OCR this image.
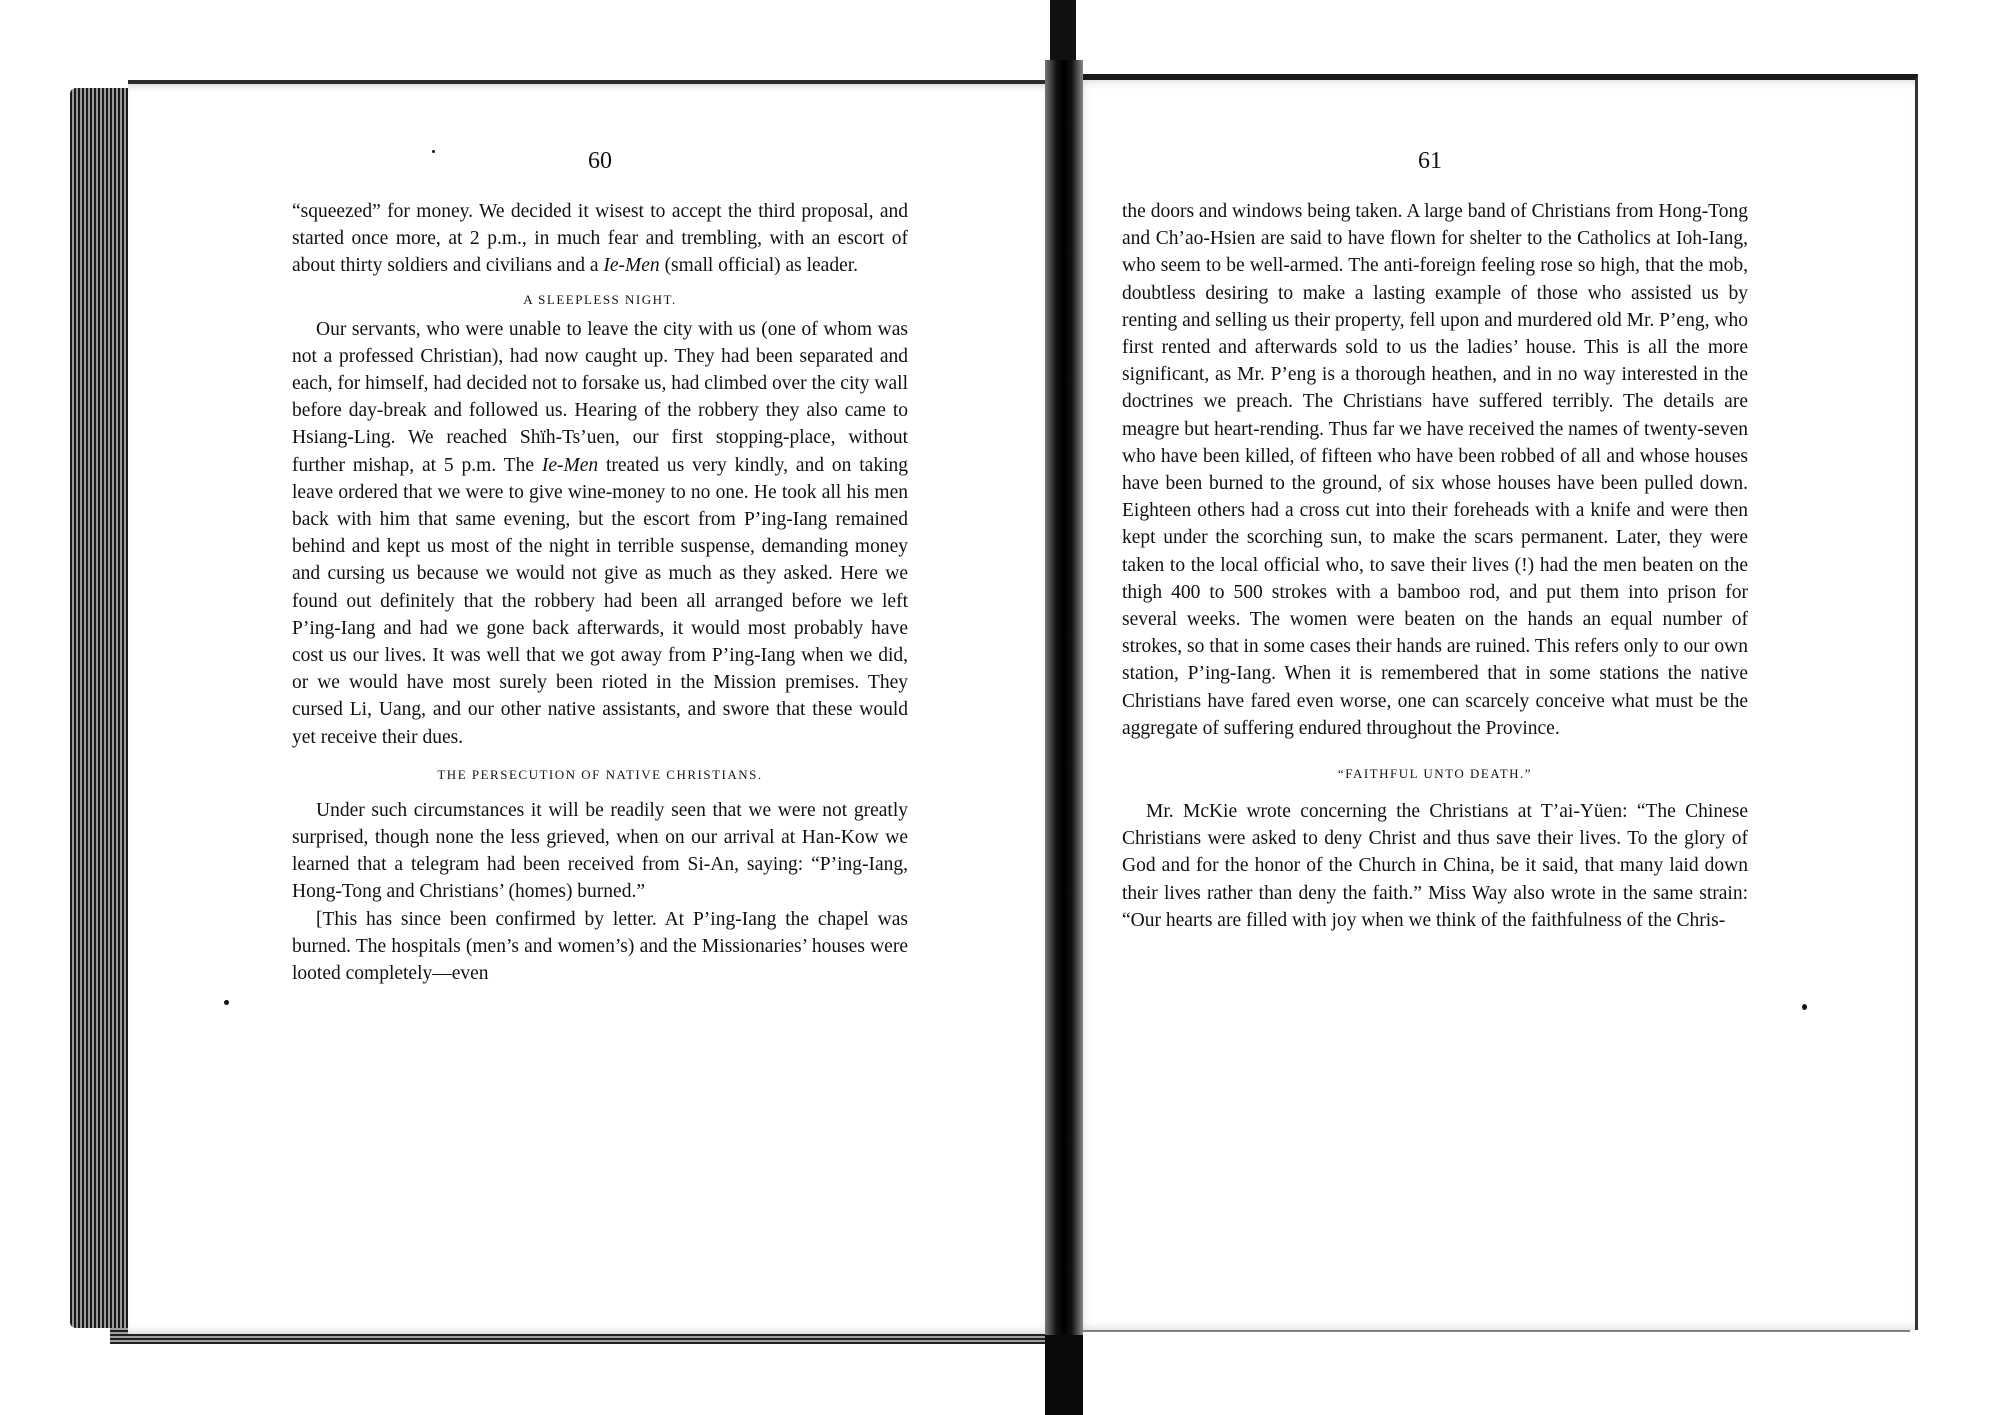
60	61

“squeezed” for money. We decided it wisest to accept the third proposal, and started once more, at 2 p.m., in much fear and trembling, with an escort of about thirty soldiers and civilians and a Ie-Men (small official) as leader.

A SLEEPLESS NIGHT.

Our servants, who were unable to leave the city with us (one of whom was not a professed Christian), had now caught up. They had been separated and each, for himself, had decided not to forsake us, had climbed over the city wall before day-break and followed us. Hearing of the robbery they also came to Hsiang-Ling. We reached Shïh-Ts’uen, our first stopping-place, without further mishap, at 5 p.m. The Ie-Men treated us very kindly, and on taking leave ordered that we were to give wine-money to no one. He took all his men back with him that same evening, but the escort from P’ing-Iang remained behind and kept us most of the night in terrible suspense, demanding money and cursing us because we would not give as much as they asked. Here we found out definitely that the robbery had been all arranged before we left P’ing-Iang and had we gone back afterwards, it would most probably have cost us our lives. It was well that we got away from P’ing-Iang when we did, or we would have most surely been rioted in the Mission premises. They cursed Li, Uang, and our other native assistants, and swore that these would yet receive their dues.

THE PERSECUTION OF NATIVE CHRISTIANS.

Under such circumstances it will be readily seen that we were not greatly surprised, though none the less grieved, when on our arrival at Han-Kow we learned that a telegram had been received from Si-An, saying: “P’ing-Iang, Hong-Tong and Christians’ (homes) burned.”

[This has since been confirmed by letter. At P’ing-Iang the chapel was burned. The hospitals (men’s and women’s) and the Missionaries’ houses were looted completely—even

the doors and windows being taken. A large band of Christians from Hong-Tong and Ch’ao-Hsien are said to have flown for shelter to the Catholics at Ioh-Iang, who seem to be well-armed. The anti-foreign feeling rose so high, that the mob, doubtless desiring to make a lasting example of those who assisted us by renting and selling us their property, fell upon and murdered old Mr. P’eng, who first rented and afterwards sold to us the ladies’ house. This is all the more significant, as Mr. P’eng is a thorough heathen, and in no way interested in the doctrines we preach. The Christians have suffered terribly. The details are meagre but heart-rending. Thus far we have received the names of twenty-seven who have been killed, of fifteen who have been robbed of all and whose houses have been burned to the ground, of six whose houses have been pulled down. Eighteen others had a cross cut into their foreheads with a knife and were then kept under the scorching sun, to make the scars permanent. Later, they were taken to the local official who, to save their lives (!) had the men beaten on the thigh 400 to 500 strokes with a bamboo rod, and put them into prison for several weeks. The women were beaten on the hands an equal number of strokes, so that in some cases their hands are ruined. This refers only to our own station, P’ing-Iang. When it is remembered that in some stations the native Christians have fared even worse, one can scarcely conceive what must be the aggregate of suffering endured throughout the Province.

“FAITHFUL UNTO DEATH.”

Mr. McKie wrote concerning the Christians at T’ai-Yüen: “The Chinese Christians were asked to deny Christ and thus save their lives. To the glory of God and for the honor of the Church in China, be it said, that many laid down their lives rather than deny the faith.” Miss Way also wrote in the same strain: “Our hearts are filled with joy when we think of the faithfulness of the Chris-
